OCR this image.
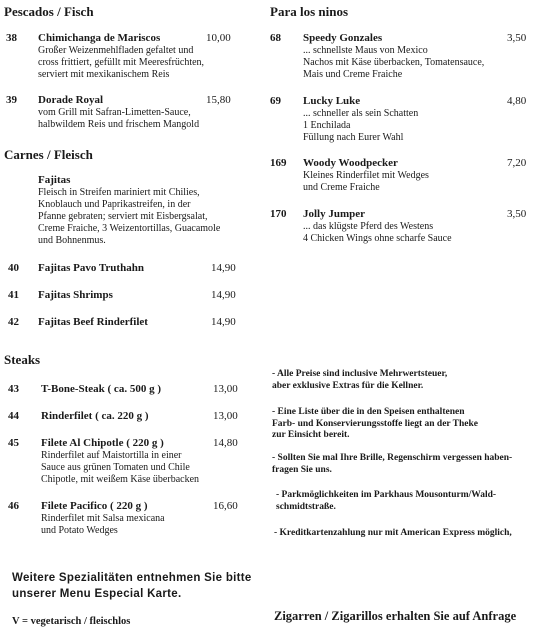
Pescados / Fisch
38 Chimichanga de Mariscos	10,00
Großer Weizenmehlfladen gefaltet und
cross frittiert, gefüllt mit Meeresfrüchten,
serviert mit mexikanischem Reis
39 Dorade Royal	15,80
vom Grill mit Safran-Limetten-Sauce,
halbwildem Reis und frischem Mangold
Carnes / Fleisch
Fajitas
Fleisch in Streifen mariniert mit Chilies,
Knoblauch und Paprikastreifen, in der
Pfanne gebraten; serviert mit Eisbergsalat,
Creme Fraiche, 3 Weizentortillas, Guacamole
und Bohnenmus.
40 Fajitas Pavo Truthahn	14,90
41 Fajitas Shrimps	14,90
42 Fajitas Beef Rinderfilet	14,90
Steaks
43 T-Bone-Steak ( ca. 500 g )	13,00
44 Rinderfilet ( ca. 220 g )	13,00
45 Filete Al Chipotle ( 220 g )	14,80
Rinderfilet auf Maistortilla in einer
Sauce aus grünen Tomaten und Chile
Chipotle, mit weißem Käse überbacken
46 Filete Pacifico ( 220 g )	16,60
Rinderfilet mit Salsa mexicana
und Potato Wedges
Weitere Spezialitäten entnehmen Sie bitte
unserer Menu Especial Karte.
V = vegetarisch / fleischlos
Para los ninos
68 Speedy Gonzales	3,50
... schnellste Maus von Mexico
Nachos mit Käse überbacken, Tomatensauce,
Mais und Creme Fraiche
69 Lucky Luke	4,80
... schneller als sein Schatten
1 Enchilada
Füllung nach Eurer Wahl
169 Woody Woodpecker	7,20
Kleines Rinderfilet mit Wedges
und Creme Fraiche
170 Jolly Jumper	3,50
... das klügste Pferd des Westens
4 Chicken Wings ohne scharfe Sauce
- Alle Preise sind inclusive Mehrwertsteuer,
aber exklusive Extras für die Kellner.
- Eine Liste über die in den Speisen enthaltenen
Farb- und Konservierungsstoffe liegt an der Theke
zur Einsicht bereit.
- Sollten Sie mal Ihre Brille, Regenschirm vergessen haben-
fragen Sie uns.
- Parkmöglichkeiten im Parkhaus Mousonturm/Wald-
schmidtstraße.
- Kreditkartenzahlung nur mit American Express möglich,
Zigarren / Zigarillos erhalten Sie auf Anfrage
